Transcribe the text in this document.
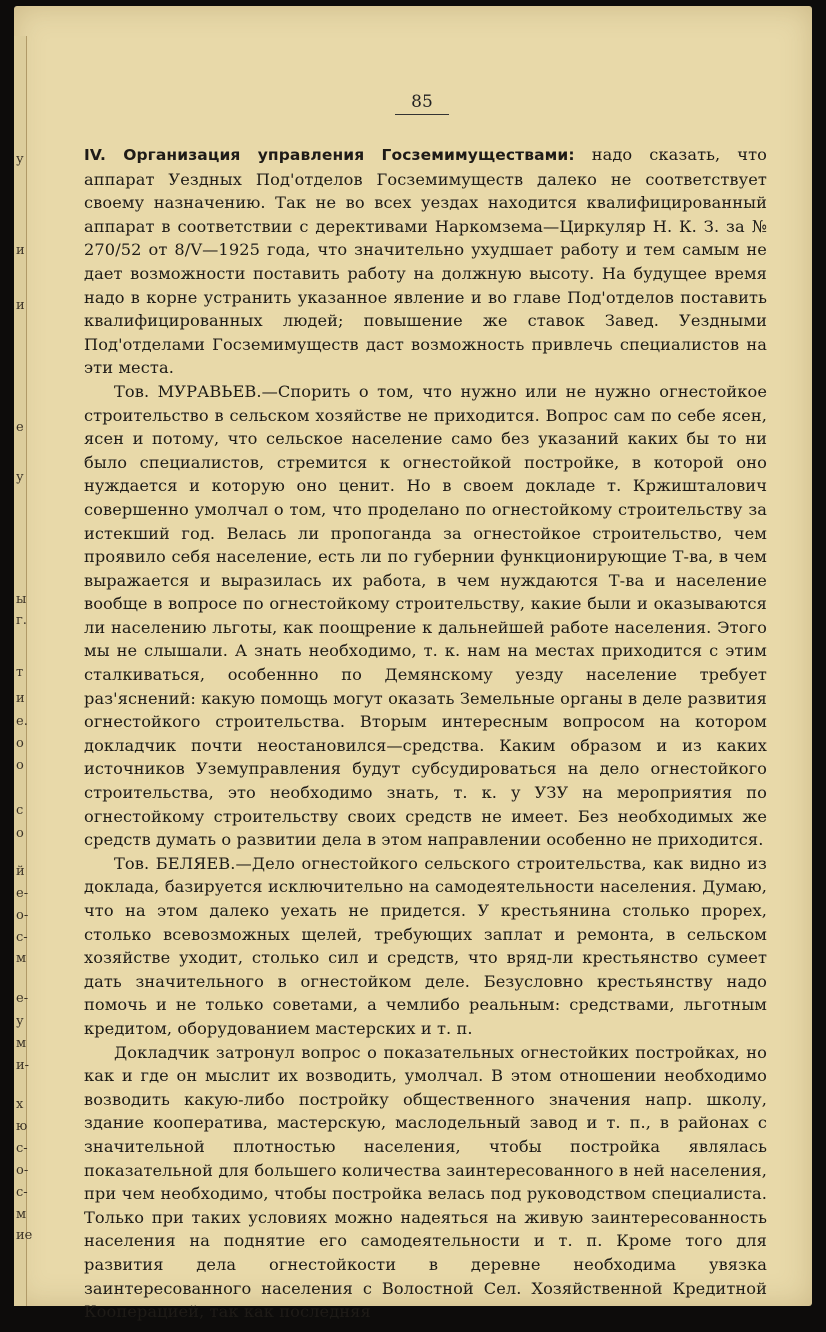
у
и
и
е
у
ы
г.
т
и
е.
о
о
с
о
й
е-
о-
с-
м
е-
у
м
и-
х
ю
с-
о-
с-
м
ие
85

IV. Организация управления Госземимуществами: надо сказать, что аппарат Уездных Под'отделов Госземимуществ далеко не соответствует своему назначению. Так не во всех уездах находится квалифицированный аппарат в соответствии с дерективами Наркомзема—Циркуляр Н. К. З. за № 270/52 от 8/V—1925 года, что значительно ухудшает работу и тем самым не дает возможности поставить работу на должную высоту. На будущее время надо в корне устранить указанное явление и во главе Под'отделов поставить квалифицированных людей; повышение же ставок Завед. Уездными Под'отделами Госземимуществ даст возможность привлечь специалистов на эти места.

Тов. МУРАВЬЕВ.—Спорить о том, что нужно или не нужно огнестойкое строительство в сельском хозяйстве не приходится. Вопрос сам по себе ясен, ясен и потому, что сельское население само без указаний каких бы то ни было специалистов, стремится к огнестойкой постройке, в которой оно нуждается и которую оно ценит. Но в своем докладе т. Кржишталович совершенно умолчал о том, что проделано по огнестойкому строительству за истекший год. Велась ли пропоганда за огнестойкое строительство, чем проявило себя население, есть ли по губернии функционирующие Т-ва, в чем выражается и выразилась их работа, в чем нуждаются Т-ва и население вообще в вопросе по огнестойкому строительству, какие были и оказываются ли населению льготы, как поощрение к дальнейшей работе населения. Этого мы не слышали. А знать необходимо, т. к. нам на местах приходится с этим сталкиваться, особеннно по Демянскому уезду население требует раз'яснений: какую помощь могут оказать Земельные органы в деле развития огнестойкого строительства. Вторым интересным вопросом на котором докладчик почти неостановился—средства. Каким образом и из каких источников Уземуправления будут субсудироваться на дело огнестойкого строительства, это необходимо знать, т. к. у УЗУ на мероприятия по огнестойкому строительству своих средств не имеет. Без необходимых же средств думать о развитии дела в этом направлении особенно не приходится.

Тов. БЕЛЯЕВ.—Дело огнестойкого сельского строительства, как видно из доклада, базируется исключительно на самодеятельности населения. Думаю, что на этом далеко уехать не придется. У крестьянина столько прорех, столько всевозможных щелей, требующих заплат и ремонта, в сельском хозяйстве уходит, столько сил и средств, что вряд-ли крестьянство сумеет дать значительного в огнестойком деле. Безусловно крестьянству надо помочь и не только советами, а чемлибо реальным: средствами, льготным кредитом, оборудованием мастерских и т. п.

Докладчик затронул вопрос о показательных огнестойких постройках, но как и где он мыслит их возводить, умолчал. В этом отношении необходимо возводить какую-либо постройку общественного значения напр. школу, здание кооператива, мастерскую, маслодельный завод и т. п., в районах с значительной плотностью населения, чтобы постройка являлась показательной для большего количества заинтересованного в ней населения, при чем необходимо, чтобы постройка велась под руководством специалиста. Только при таких условиях можно надеяться на живую заинтересованность населения на поднятие его самодеятельности и т. п. Кроме того для развития дела огнестойкости в деревне необходима увязка заинтересованного населения с Волостной Сел. Хозяйственной Кредитной Кооперацией, так как последняя
